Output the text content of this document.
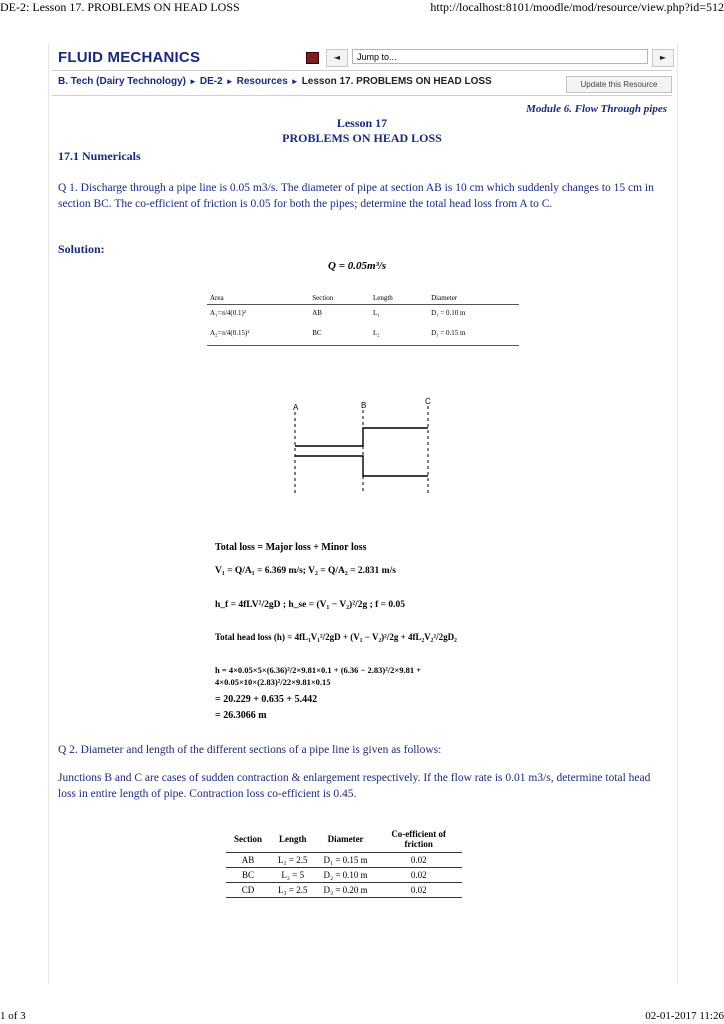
DE-2: Lesson 17. PROBLEMS ON HEAD LOSS	http://localhost:8101/moodle/mod/resource/view.php?id=512
FLUID MECHANICS	◄	Jump to...	►
B. Tech (Dairy Technology) ► DE-2 ► Resources ► Lesson 17. PROBLEMS ON HEAD LOSS	Update this Resource
Module 6. Flow Through pipes
Lesson 17
PROBLEMS ON HEAD LOSS
17.1 Numericals
Q 1. Discharge through a pipe line is 0.05 m3/s. The diameter of pipe at section AB is 10 cm which suddenly changes to 15 cm in section BC. The co-efficient of friction is 0.05 for both the pipes; determine the total head loss from A to C.
Solution:
Q = 0.05m³/s
Area	Section	Length	Diameter
A₁=π/4(0.1)²	AB	L₁	D₁ = 0.10 m
A₂=π/4(0.15)²	BC	L₂	D₁ = 0.15 m
A	B	C
Total loss = Major loss + Minor loss
V₁ = Q/A₁ = 6.369 m/s; V₂ = Q/A₂ = 2.831 m/s
h_f = 4fLV²/2gD ; h_se = (V₁ − V₂)²/2g ; f = 0.05
Total head loss (h) = 4fL₁V₁²/2gD + (V₁ − V₂)²/2g + 4fL₂V₂²/2gD₂
h = 4×0.05×5×(6.36)²/2×9.81×0.1 + (6.36 − 2.83)²/2×9.81 + 4×0.05×10×(2.83)²/22×9.81×0.15
= 20.229 + 0.635 + 5.442
= 26.3066 m
Q 2. Diameter and length of the different sections of a pipe line is given as follows:
Junctions B and C are cases of sudden contraction & enlargement respectively. If the flow rate is 0.01 m3/s, determine total head loss in entire length of pipe. Contraction loss co-efficient is 0.45.
Section	Length	Diameter	Co-efficient of friction
AB	L₁ = 2.5	D₁ = 0.15 m	0.02
BC	L₂ = 5	D₂ = 0.10 m	0.02
CD	L₃ = 2.5	D₃ = 0.20 m	0.02
1 of 3	02-01-2017 11:26
